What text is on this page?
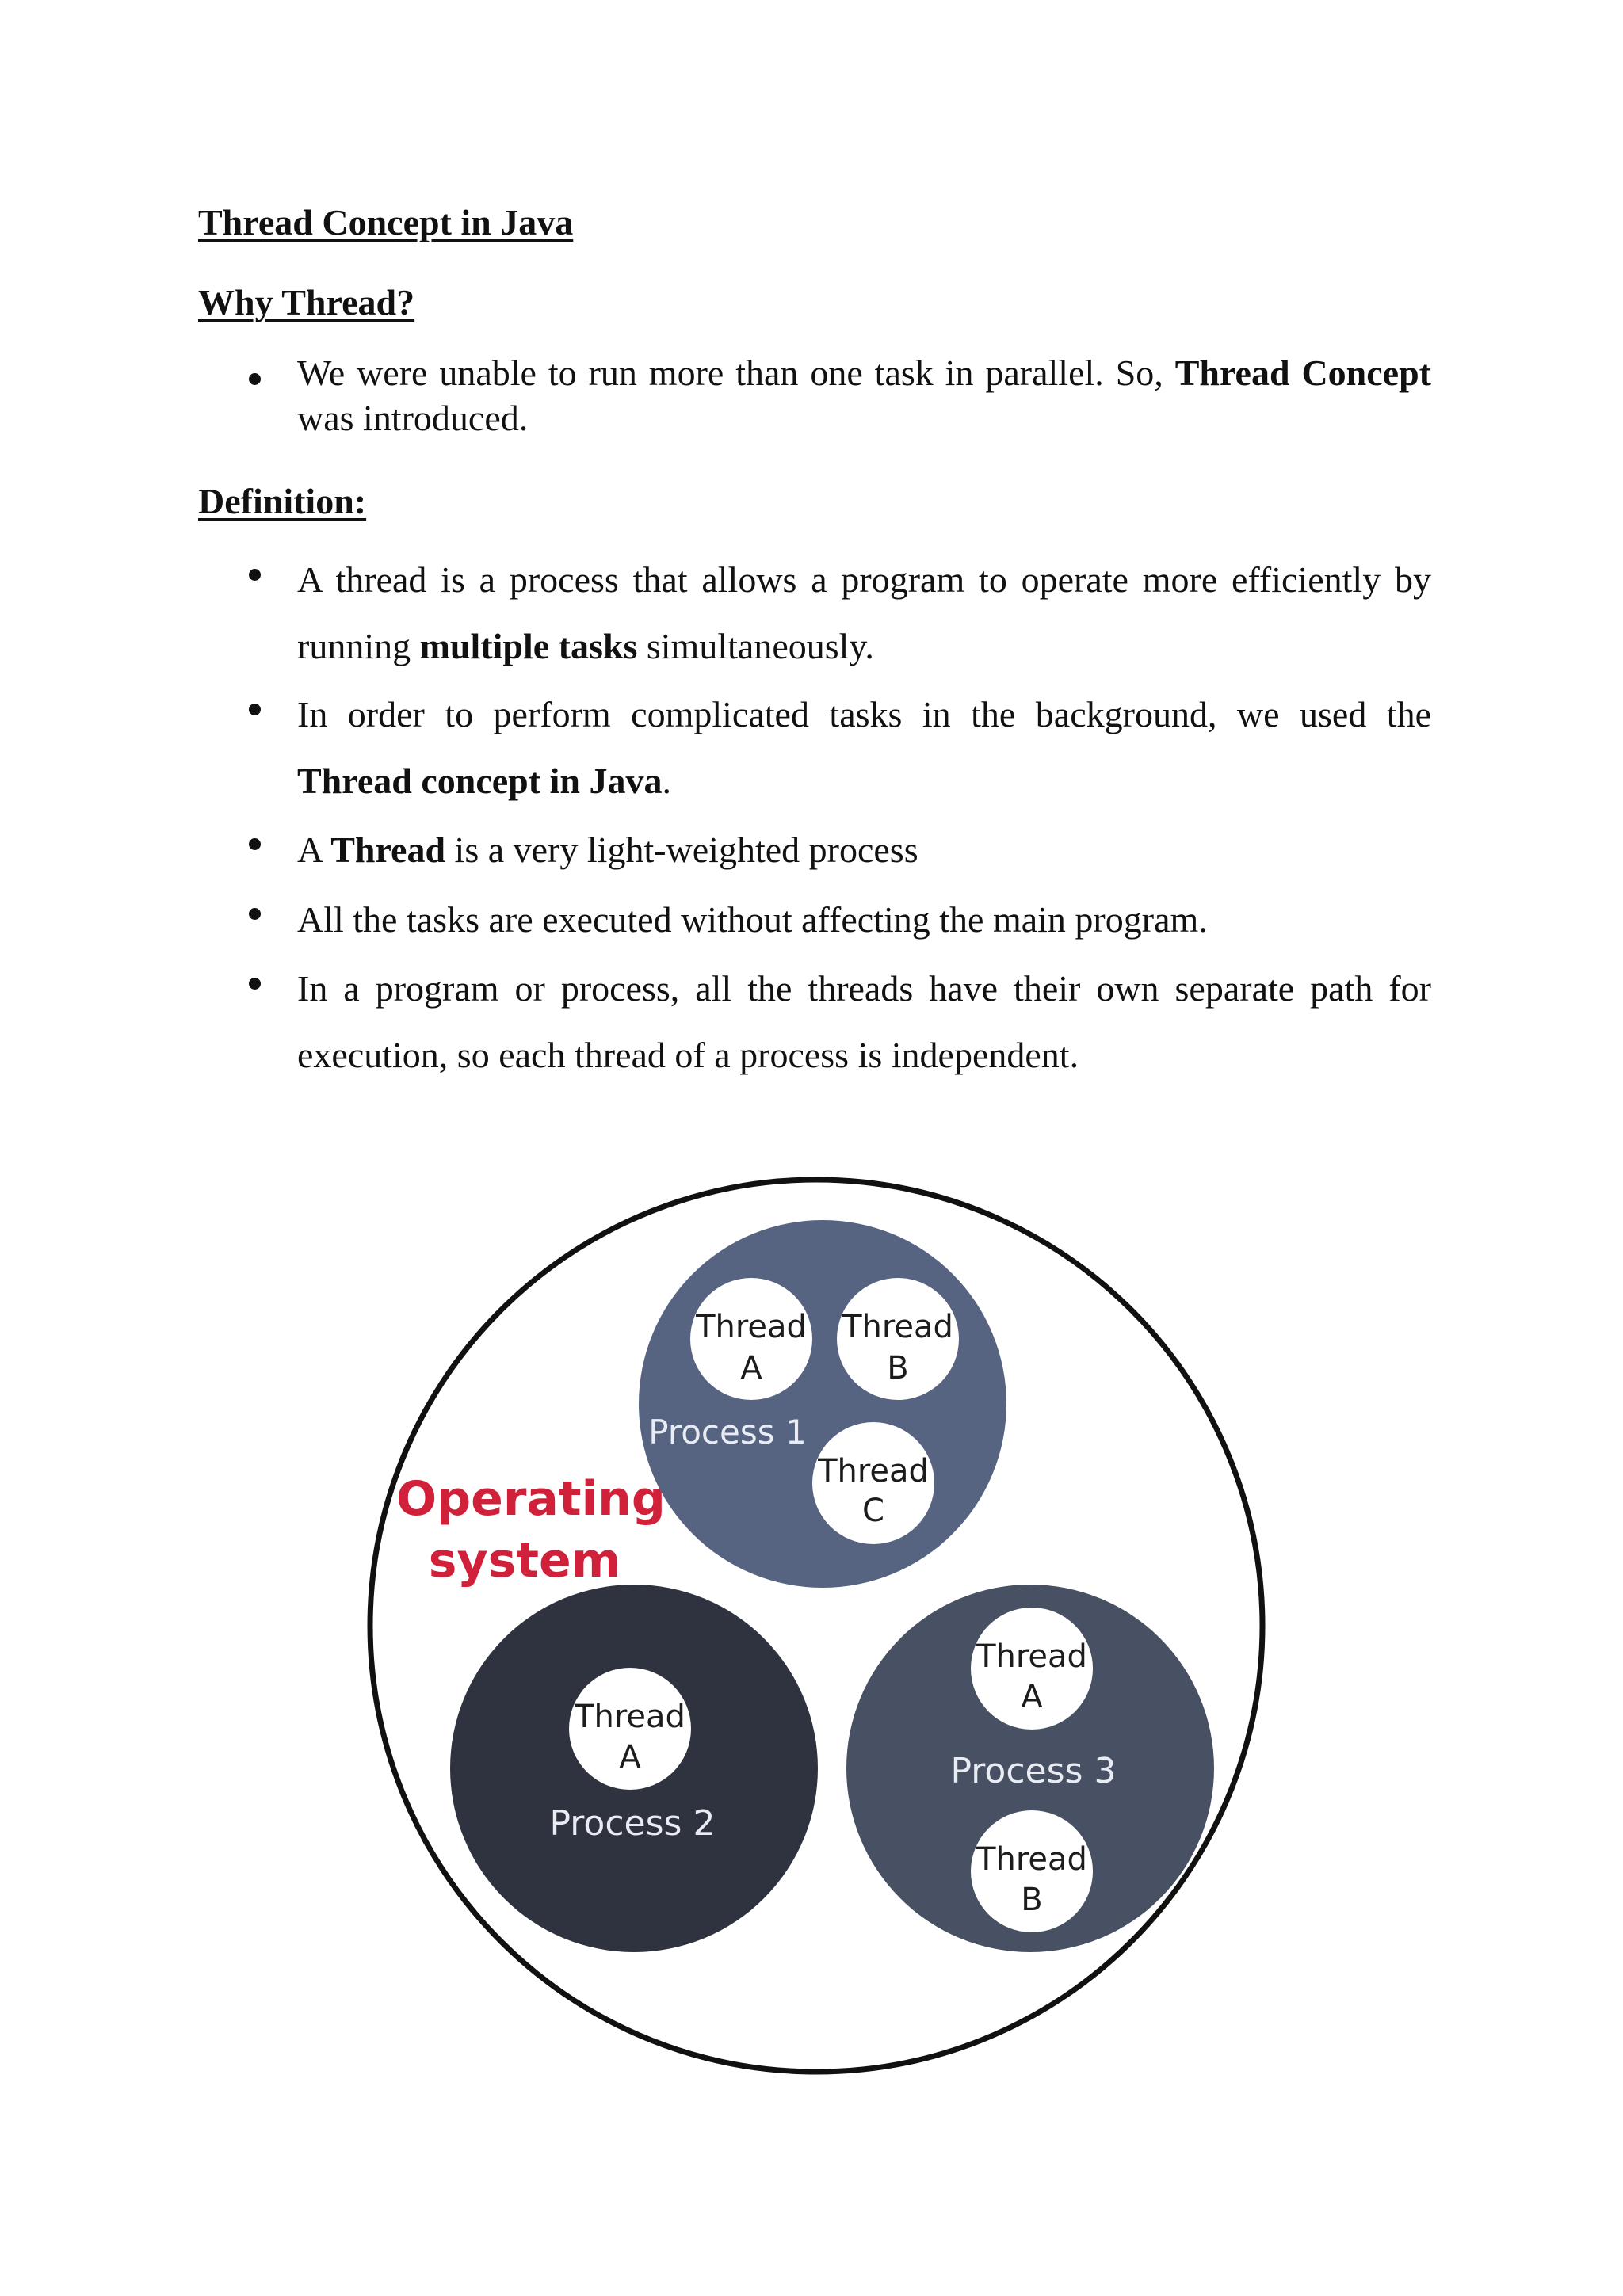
Thread Concept in Java

Why Thread?

We were unable to run more than one task in parallel. So, Thread Concept was introduced.

Definition:

A thread is a process that allows a program to operate more efficiently by running multiple tasks simultaneously.
In order to perform complicated tasks in the background, we used the Thread concept in Java.
A Thread is a very light-weighted process
All the tasks are executed without affecting the main program.
In a program or process, all the threads have their own separate path for execution, so each thread of a process is independent.
Operating
system
Process 1
Thread
A
Thread
B
Thread
C
Thread
A
Process 2
Thread
A
Process 3
Thread
B
